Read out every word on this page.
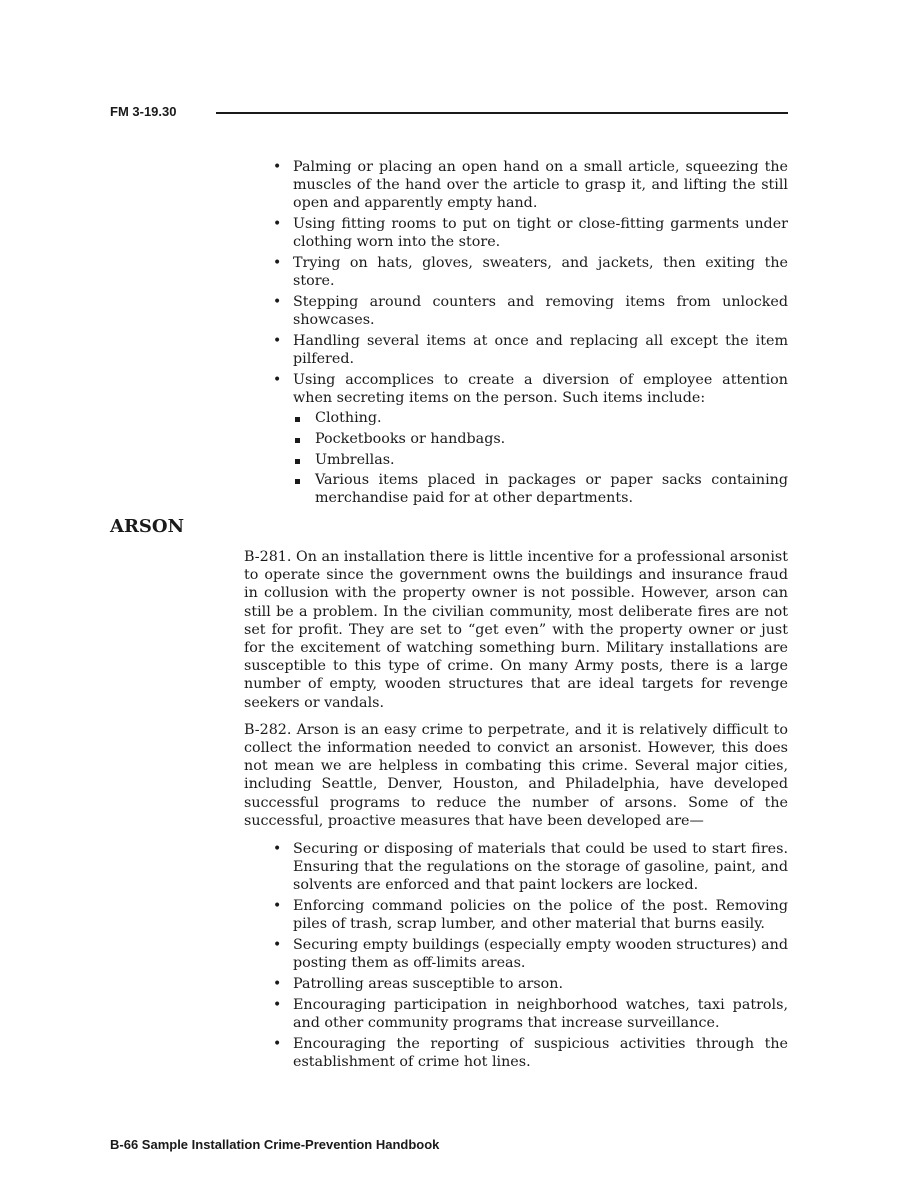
FM 3-19.30
• Palming or placing an open hand on a small article, squeezing the muscles of the hand over the article to grasp it, and lifting the still open and apparently empty hand.
• Using fitting rooms to put on tight or close-fitting garments under clothing worn into the store.
• Trying on hats, gloves, sweaters, and jackets, then exiting the store.
• Stepping around counters and removing items from unlocked showcases.
• Handling several items at once and replacing all except the item pilfered.
• Using accomplices to create a diversion of employee attention when secreting items on the person. Such items include:
Clothing.
Pocketbooks or handbags.
Umbrellas.
Various items placed in packages or paper sacks containing merchandise paid for at other departments.
ARSON

B-281. On an installation there is little incentive for a professional arsonist to operate since the government owns the buildings and insurance fraud in collusion with the property owner is not possible. However, arson can still be a problem. In the civilian community, most deliberate fires are not set for profit. They are set to “get even” with the property owner or just for the excitement of watching something burn. Military installations are susceptible to this type of crime. On many Army posts, there is a large number of empty, wooden structures that are ideal targets for revenge seekers or vandals.

B-282. Arson is an easy crime to perpetrate, and it is relatively difficult to collect the information needed to convict an arsonist. However, this does not mean we are helpless in combating this crime. Several major cities, including Seattle, Denver, Houston, and Philadelphia, have developed successful programs to reduce the number of arsons. Some of the successful, proactive measures that have been developed are—

• Securing or disposing of materials that could be used to start fires. Ensuring that the regulations on the storage of gasoline, paint, and solvents are enforced and that paint lockers are locked.
• Enforcing command policies on the police of the post. Removing piles of trash, scrap lumber, and other material that burns easily.
• Securing empty buildings (especially empty wooden structures) and posting them as off-limits areas.
• Patrolling areas susceptible to arson.
• Encouraging participation in neighborhood watches, taxi patrols, and other community programs that increase surveillance.
• Encouraging the reporting of suspicious activities through the establishment of crime hot lines.
B-66 Sample Installation Crime-Prevention Handbook
